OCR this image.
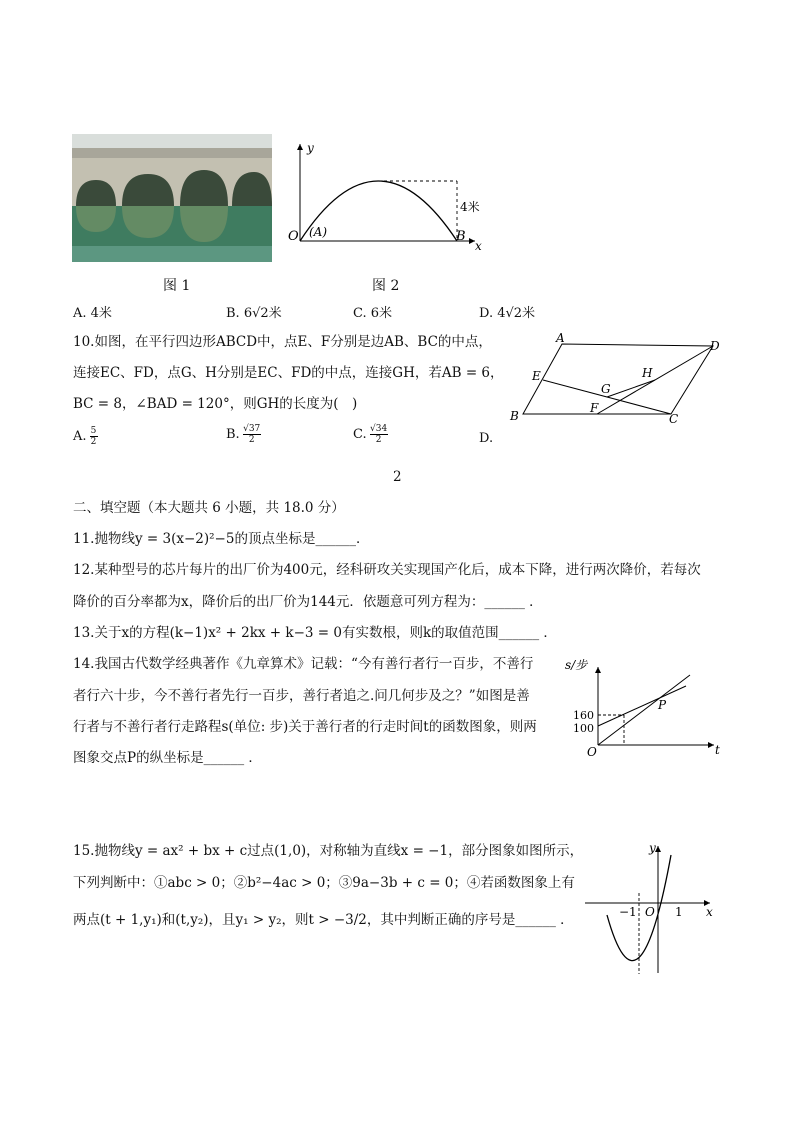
图 1
y
x
O (A)	B
4米
图 2
A. 4米	B. 6√2米	C. 6米	D. 4√2米
10.如图，在平行四边形ABCD中，点E、F分别是边AB、BC的中点，
连接EC、FD，点G、H分别是EC、FD的中点，连接GH，若AB = 6，
BC = 8，∠BAD = 120°，则GH的长度为(　)
A. 5
2	B. √37
2	C. √34
2	D.
A
D
E	H
G
F
B	C
2
二、填空题（本大题共 6 小题，共 18.0 分）
11.抛物线y = 3(x−2)²−5的顶点坐标是______．
12.某种型号的芯片每片的出厂价为400元，经科研攻关实现国产化后，成本下降，进行两次降价，若每次
降价的百分率都为x，降价后的出厂价为144元．依题意可列方程为：______ ．
13.关于x的方程(k−1)x² + 2kx + k−3 = 0有实数根，则k的取值范围______ ．
14.我国古代数学经典著作《九章算术》记载：“今有善行者行一百步，不善行
者行六十步，今不善行者先行一百步，善行者追之.问几何步及之？”如图是善
行者与不善行者行走路程s(单位: 步)关于善行者的行走时间t的函数图象，则两
图象交点P的纵坐标是______ ．
s/步
t
O
P
160
100
15.抛物线y = ax² + bx + c过点(1,0)，对称轴为直线x = −1，部分图象如图所示，
下列判断中：①abc > 0；②b²−4ac > 0；③9a−3b + c = 0；④若函数图象上有
两点(t + 1,y₁)和(t,y₂)，且y₁ > y₂，则t > −3/2，其中判断正确的序号是______ ．
y
x
O
−1	1
